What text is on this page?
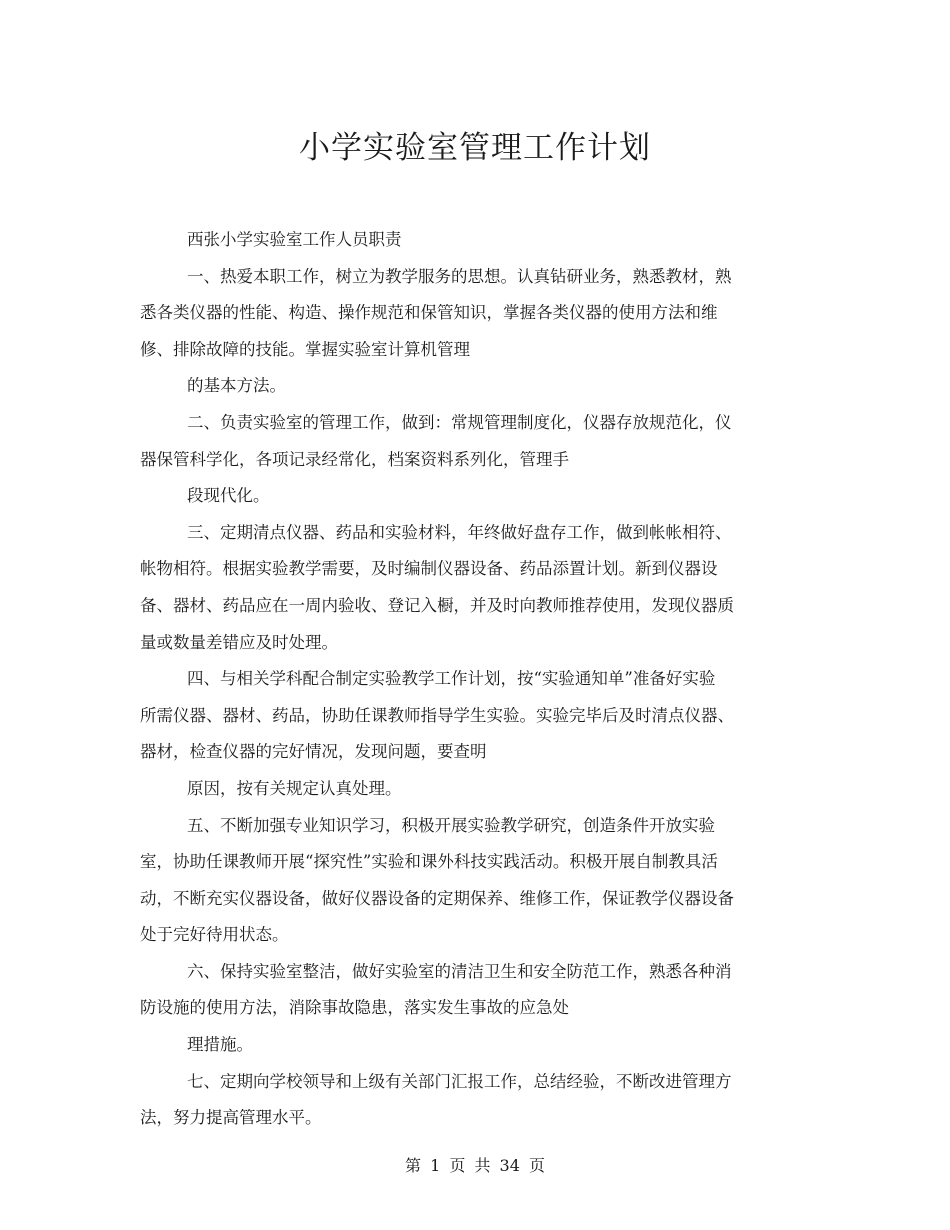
小学实验室管理工作计划

西张小学实验室工作人员职责

一、热爱本职工作，树立为教学服务的思想。认真钻研业务，熟悉教材，熟

悉各类仪器的性能、构造、操作规范和保管知识，掌握各类仪器的使用方法和维

修、排除故障的技能。掌握实验室计算机管理

的基本方法。

二、负责实验室的管理工作，做到：常规管理制度化，仪器存放规范化，仪

器保管科学化，各项记录经常化，档案资料系列化，管理手

段现代化。

三、定期清点仪器、药品和实验材料，年终做好盘存工作，做到帐帐相符、

帐物相符。根据实验教学需要，及时编制仪器设备、药品添置计划。新到仪器设

备、器材、药品应在一周内验收、登记入橱，并及时向教师推荐使用，发现仪器质

量或数量差错应及时处理。

四、与相关学科配合制定实验教学工作计划，按“实验通知单”准备好实验

所需仪器、器材、药品，协助任课教师指导学生实验。实验完毕后及时清点仪器、

器材，检查仪器的完好情况，发现问题，要查明

原因，按有关规定认真处理。

五、不断加强专业知识学习，积极开展实验教学研究，创造条件开放实验

室，协助任课教师开展“探究性”实验和课外科技实践活动。积极开展自制教具活

动，不断充实仪器设备，做好仪器设备的定期保养、维修工作，保证教学仪器设备

处于完好待用状态。

六、保持实验室整洁，做好实验室的清洁卫生和安全防范工作，熟悉各种消

防设施的使用方法，消除事故隐患，落实发生事故的应急处

理措施。

七、定期向学校领导和上级有关部门汇报工作，总结经验，不断改进管理方

法，努力提高管理水平。

第 1 页 共 34 页
